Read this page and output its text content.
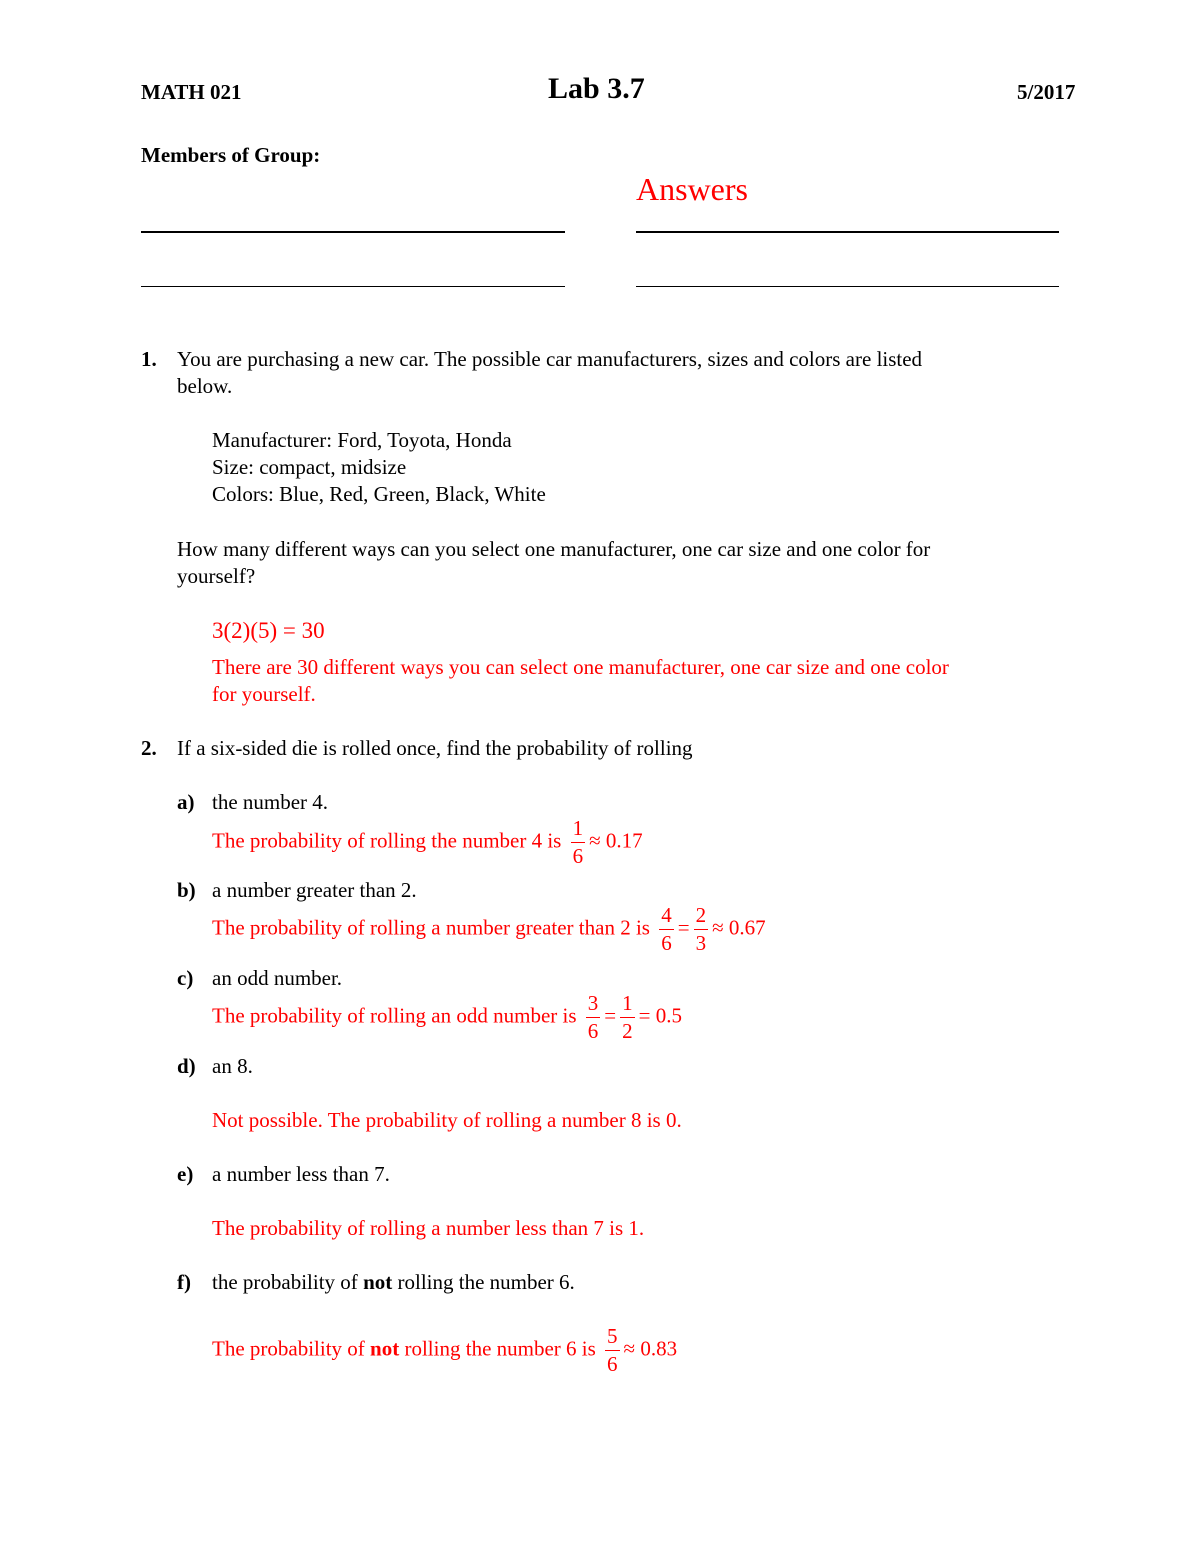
MATH 021	Lab 3.7	5/2017
Members of Group:
Answers
1. You are purchasing a new car. The possible car manufacturers, sizes and colors are listed
below.
Manufacturer: Ford, Toyota, Honda
Size: compact, midsize
Colors: Blue, Red, Green, Black, White
How many different ways can you select one manufacturer, one car size and one color for
yourself?
3(2)(5) = 30
There are 30 different ways you can select one manufacturer, one car size and one color
for yourself.
2. If a six-sided die is rolled once, find the probability of rolling
a) the number 4.
The probability of rolling the number 4 is $\frac{1}{6} \approx 0.17$
b) a number greater than 2.
The probability of rolling a number greater than 2 is $\frac{4}{6} = \frac{2}{3} \approx 0.67$
c) an odd number.
The probability of rolling an odd number is $\frac{3}{6} = \frac{1}{2} = 0.5$
d) an 8.
Not possible. The probability of rolling a number 8 is 0.
e) a number less than 7.
The probability of rolling a number less than 7 is 1.
f) the probability of not rolling the number 6.
The probability of not rolling the number 6 is $\frac{5}{6} \approx 0.83$
